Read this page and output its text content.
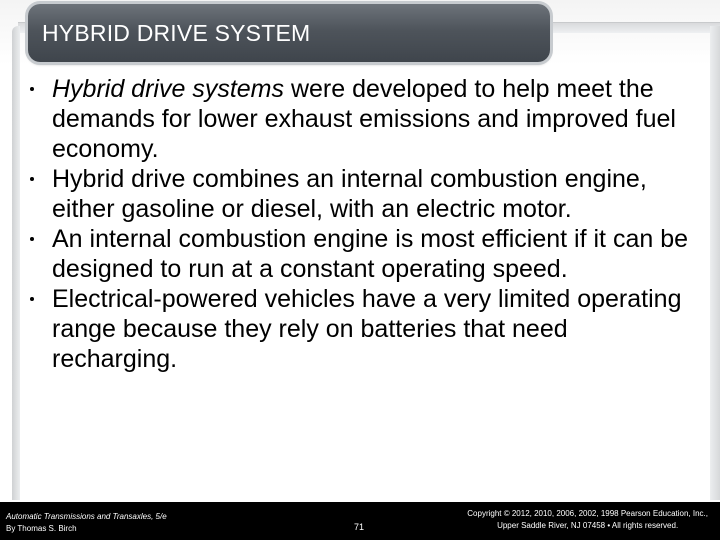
HYBRID DRIVE SYSTEM
Hybrid drive systems were developed to help meet the demands for lower exhaust emissions and improved fuel economy.
Hybrid drive combines an internal combustion engine, either gasoline or diesel, with an electric motor.
An internal combustion engine is most efficient if it can be designed to run at a constant operating speed.
Electrical-powered vehicles have a very limited operating range because they rely on batteries that need recharging.
Automatic Transmissions and Transaxles, 5/e
By Thomas S. Birch	71
Copyright © 2012, 2010, 2006, 2002, 1998 Pearson Education, Inc.,
Upper Saddle River, NJ 07458 • All rights reserved.
